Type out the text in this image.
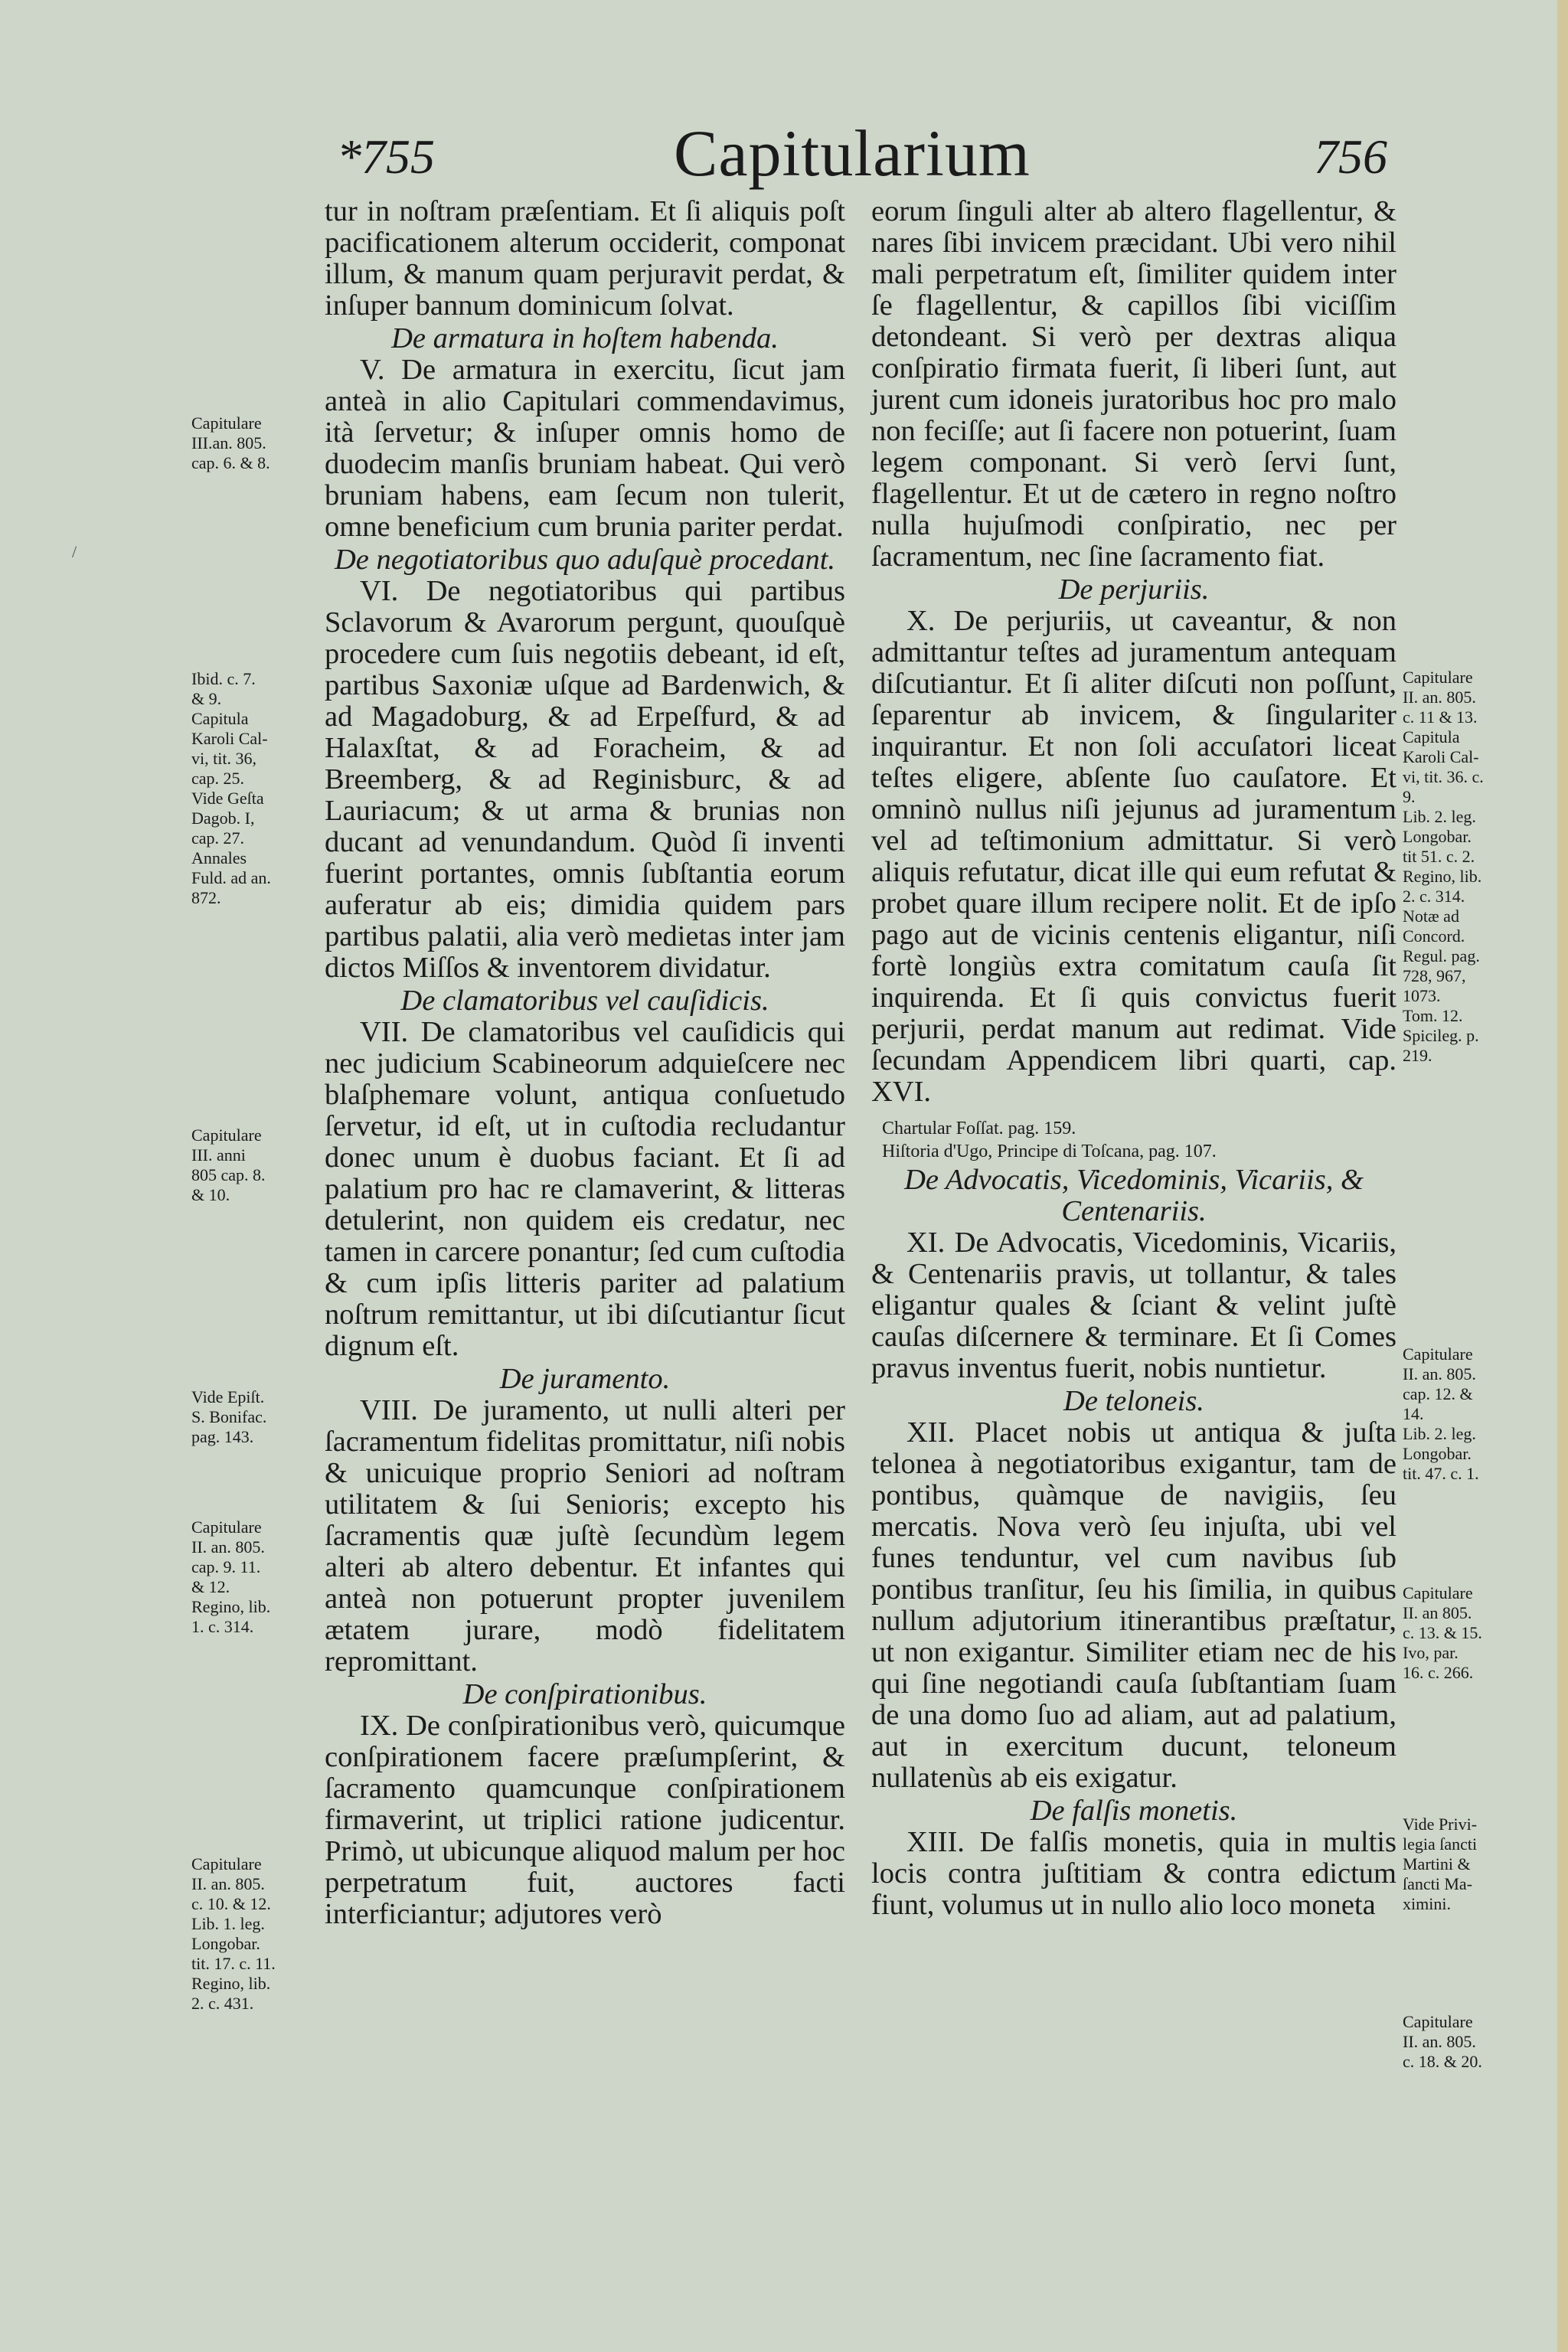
*755	Capitularium	756
/

tur in noſtram præſentiam. Et ſi aliquis poſt pacificationem alterum occiderit, componat illum, & manum quam perjuravit perdat, & inſuper bannum dominicum ſolvat.

De armatura in hoſtem habenda.

V. De armatura in exercitu, ſicut jam anteà in alio Capitulari commendavimus, ità ſervetur; & inſuper omnis homo de duodecim manſis bruniam habeat. Qui verò bruniam habens, eam ſecum non tulerit, omne beneficium cum brunia pariter perdat.

De negotiatoribus quo aduſquè procedant.

VI. De negotiatoribus qui partibus Sclavorum & Avarorum pergunt, quouſquè procedere cum ſuis negotiis debeant, id eſt, partibus Saxoniæ uſque ad Bardenwich, & ad Magadoburg, & ad Erpeſfurd, & ad Halaxſtat, & ad Foracheim, & ad Breemberg, & ad Reginisburc, & ad Lauriacum; & ut arma & brunias non ducant ad venundandum. Quòd ſi inventi fuerint portantes, omnis ſubſtantia eorum auferatur ab eis; dimidia quidem pars partibus palatii, alia verò medietas inter jam dictos Miſſos & inventorem dividatur.

De clamatoribus vel cauſidicis.

VII. De clamatoribus vel cauſidicis qui nec judicium Scabineorum adquieſcere nec blaſphemare volunt, antiqua conſuetudo ſervetur, id eſt, ut in cuſtodia recludantur donec unum è duobus faciant. Et ſi ad palatium pro hac re clamaverint, & litteras detulerint, non quidem eis credatur, nec tamen in carcere ponantur; ſed cum cuſtodia & cum ipſis litteris pariter ad palatium noſtrum remittantur, ut ibi diſcutiantur ſicut dignum eſt.

De juramento.

VIII. De juramento, ut nulli alteri per ſacramentum fidelitas promittatur, niſi nobis & unicuique proprio Seniori ad noſtram utilitatem & ſui Senioris; excepto his ſacramentis quæ juſtè ſecundùm legem alteri ab altero debentur. Et infantes qui anteà non potuerunt propter juvenilem ætatem jurare, modò fidelitatem repromittant.

De conſpirationibus.

IX. De conſpirationibus verò, quicumque conſpirationem facere præſumpſerint, & ſacramento quamcunque conſpirationem firmaverint, ut triplici ratione judicentur. Primò, ut ubicunque aliquod malum per hoc perpetratum fuit, auctores facti interficiantur; adjutores verò

eorum ſinguli alter ab altero flagellentur, & nares ſibi invicem præcidant. Ubi vero nihil mali perpetratum eſt, ſimiliter quidem inter ſe flagellentur, & capillos ſibi viciſſim detondeant. Si verò per dextras aliqua conſpiratio firmata fuerit, ſi liberi ſunt, aut jurent cum idoneis juratoribus hoc pro malo non feciſſe; aut ſi facere non potuerint, ſuam legem componant. Si verò ſervi ſunt, flagellentur. Et ut de cætero in regno noſtro nulla hujuſmodi conſpiratio, nec per ſacramentum, nec ſine ſacramento fiat.

De perjuriis.

X. De perjuriis, ut caveantur, & non admittantur teſtes ad juramentum antequam diſcutiantur. Et ſi aliter diſcuti non poſſunt, ſeparentur ab invicem, & ſingulariter inquirantur. Et non ſoli accuſatori liceat teſtes eligere, abſente ſuo cauſatore. Et omninò nullus niſi jejunus ad juramentum vel ad teſtimonium admittatur. Si verò aliquis refutatur, dicat ille qui eum refutat & probet quare illum recipere nolit. Et de ipſo pago aut de vicinis centenis eligantur, niſi fortè longiùs extra comitatum cauſa ſit inquirenda. Et ſi quis convictus fuerit perjurii, perdat manum aut redimat. Vide ſecundam Appendicem libri quarti, cap. XVI.

Chartular Foſſat. pag. 159.

Hiſtoria d'Ugo, Principe di Toſcana, pag. 107.

De Advocatis, Vicedominis, Vicariis, & Centenariis.

XI. De Advocatis, Vicedominis, Vicariis, & Centenariis pravis, ut tollantur, & tales eligantur quales & ſciant & velint juſtè cauſas diſcernere & terminare. Et ſi Comes pravus inventus fuerit, nobis nuntietur.

De teloneis.

XII. Placet nobis ut antiqua & juſta telonea à negotiatoribus exigantur, tam de pontibus, quàmque de navigiis, ſeu mercatis. Nova verò ſeu injuſta, ubi vel funes tenduntur, vel cum navibus ſub pontibus tranſitur, ſeu his ſimilia, in quibus nullum adjutorium itinerantibus præſtatur, ut non exigantur. Similiter etiam nec de his qui ſine negotiandi cauſa ſubſtantiam ſuam de una domo ſuo ad aliam, aut ad palatium, aut in exercitum ducunt, teloneum nullatenùs ab eis exigatur.

De falſis monetis.

XIII. De falſis monetis, quia in multis locis contra juſtitiam & contra edictum fiunt, volumus ut in nullo alio loco moneta

Capitulare
III.an. 805.
cap. 6. & 8.
Ibid. c. 7.
& 9.
Capitula
Karoli Cal-
vi, tit. 36,
cap. 25.
Vide Geſta
Dagob. I,
cap. 27.
Annales
Fuld. ad an.
872.
Capitulare
III. anni
805 cap. 8.
& 10.
Vide Epiſt.
S. Bonifac.
pag. 143.
Capitulare
II. an. 805.
cap. 9. 11.
& 12.
Regino, lib.
1. c. 314.
Capitulare
II. an. 805.
c. 10. & 12.
Lib. 1. leg.
Longobar.
tit. 17. c. 11.
Regino, lib.
2. c. 431.
Capitulare
II. an. 805.
c. 11 & 13.
Capitula
Karoli Cal-
vi, tit. 36. c.
9.
Lib. 2. leg.
Longobar.
tit 51. c. 2.
Regino, lib.
2. c. 314.
Notæ ad
Concord.
Regul. pag.
728, 967,
1073.
Tom. 12.
Spicileg. p.
219.
Capitulare
II. an. 805.
cap. 12. &
14.
Lib. 2. leg.
Longobar.
tit. 47. c. 1.
Capitulare
II. an 805.
c. 13. & 15.
Ivo, par.
16. c. 266.
Vide Privi-
legia ſancti
Martini &
ſancti Ma-
ximini.
Capitulare
II. an. 805.
c. 18. & 20.
